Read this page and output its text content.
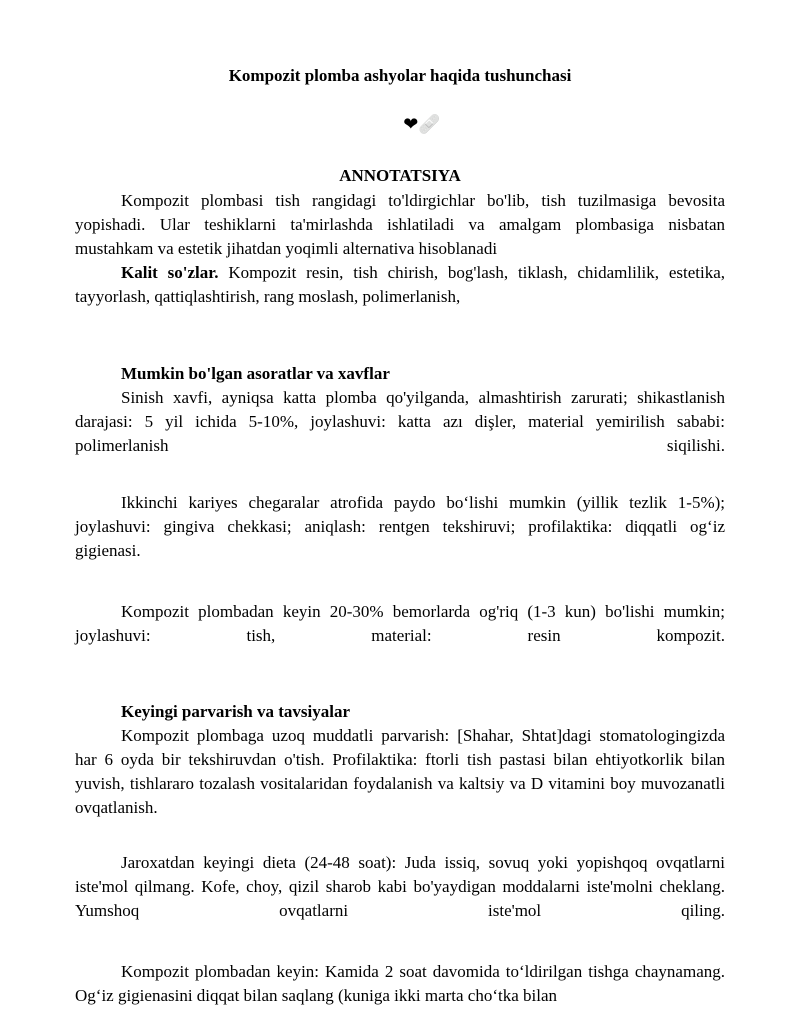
Kompozit plomba ashyolar haqida tushunchasi
❤🩹
ANNOTATSIYA

Kompozit plombasi tish rangidagi to'ldirgichlar bo'lib, tish tuzilmasiga bevosita yopishadi. Ular teshiklarni ta'mirlashda ishlatiladi va amalgam plombasiga nisbatan mustahkam va estetik jihatdan yoqimli alternativa hisoblanadi

Kalit so'zlar. Kompozit resin, tish chirish, bog'lash, tiklash, chidamlilik, estetika, tayyorlash, qattiqlashtirish, rang moslash, polimerlanish,

Mumkin bo'lgan asoratlar va xavflar

Sinish xavfi, ayniqsa katta plomba qo'yilganda, almashtirish zarurati; shikastlanish darajasi: 5 yil ichida 5-10%, joylashuvi: katta azı dişler, material yemirilish sababi: polimerlanish siqilishi.

Ikkinchi kariyes chegaralar atrofida paydo bo‘lishi mumkin (yillik tezlik 1-5%); joylashuvi: gingiva chekkasi; aniqlash: rentgen tekshiruvi; profilaktika: diqqatli og‘iz gigienasi.

Kompozit plombadan keyin 20-30% bemorlarda og'riq (1-3 kun) bo'lishi mumkin; joylashuvi: tish, material: resin kompozit.

Keyingi parvarish va tavsiyalar

Kompozit plombaga uzoq muddatli parvarish: [Shahar, Shtat]dagi stomatologingizda har 6 oyda bir tekshiruvdan o'tish. Profilaktika: ftorli tish pastasi bilan ehtiyotkorlik bilan yuvish, tishlararo tozalash vositalaridan foydalanish va kaltsiy va D vitamini boy muvozanatli ovqatlanish.

Jaroxatdan keyingi dieta (24-48 soat): Juda issiq, sovuq yoki yopishqoq ovqatlarni iste'mol qilmang. Kofe, choy, qizil sharob kabi bo'yaydigan moddalarni iste'molni cheklang. Yumshoq ovqatlarni iste'mol qiling.

Kompozit plombadan keyin: Kamida 2 soat davomida to‘ldirilgan tishga chaynamang. Og‘iz gigienasini diqqat bilan saqlang (kuniga ikki marta cho‘tka bilan
